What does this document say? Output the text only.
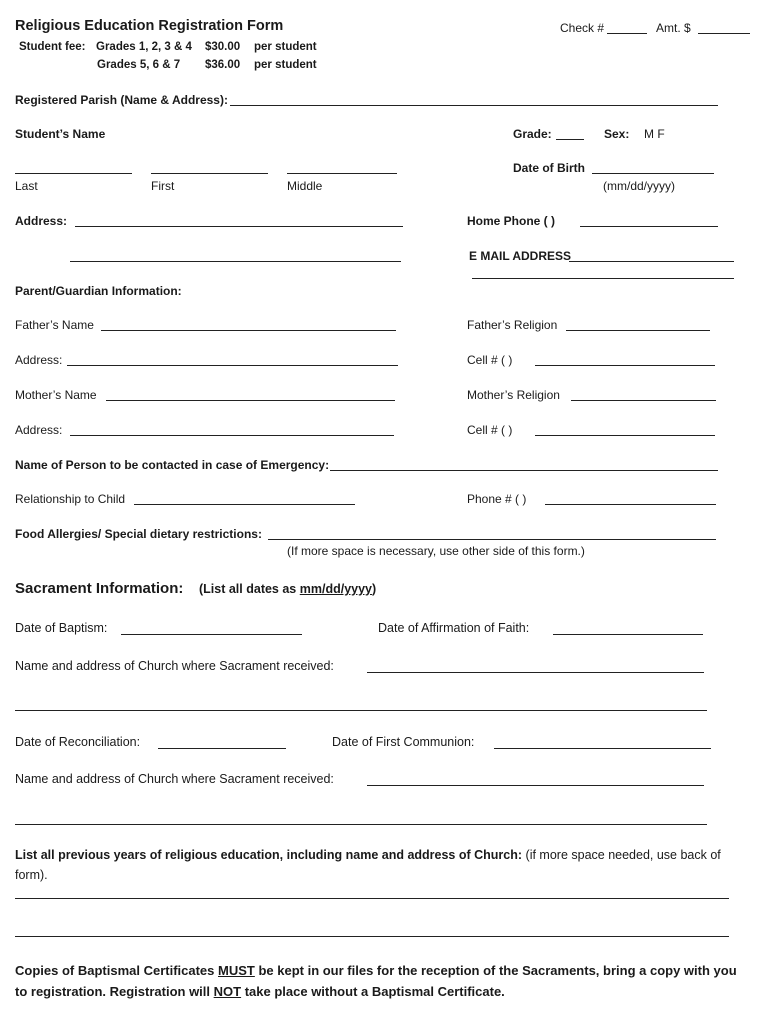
Religious Education Registration Form	Check #	Amt. $
Student fee: Grades 1, 2, 3 & 4 $30.00 per student
Grades 5, 6 & 7 $36.00 per student
Registered Parish (Name & Address):
Student’s Name	Grade:	Sex: M F
Last	First	Middle
Date of Birth
(mm/dd/yyyy)
Address:	Home Phone ( )
E MAIL ADDRESS
Parent/Guardian Information:
Father’s Name	Father’s Religion
Address:	Cell # ( )
Mother’s Name	Mother’s Religion
Address:	Cell # ( )
Name of Person to be contacted in case of Emergency:
Relationship to Child	Phone # ( )
Food Allergies/ Special dietary restrictions:
(If more space is necessary, use other side of this form.)
Sacrament Information: (List all dates as mm/dd/yyyy)
Date of Baptism:	Date of Affirmation of Faith:
Name and address of Church where Sacrament received:
Date of Reconciliation:	Date of First Communion:
Name and address of Church where Sacrament received:
List all previous years of religious education, including name and address of Church: (if more space needed, use back of form).
Copies of Baptismal Certificates MUST be kept in our files for the reception of the Sacraments, bring a copy with you to registration. Registration will NOT take place without a Baptismal Certificate.
